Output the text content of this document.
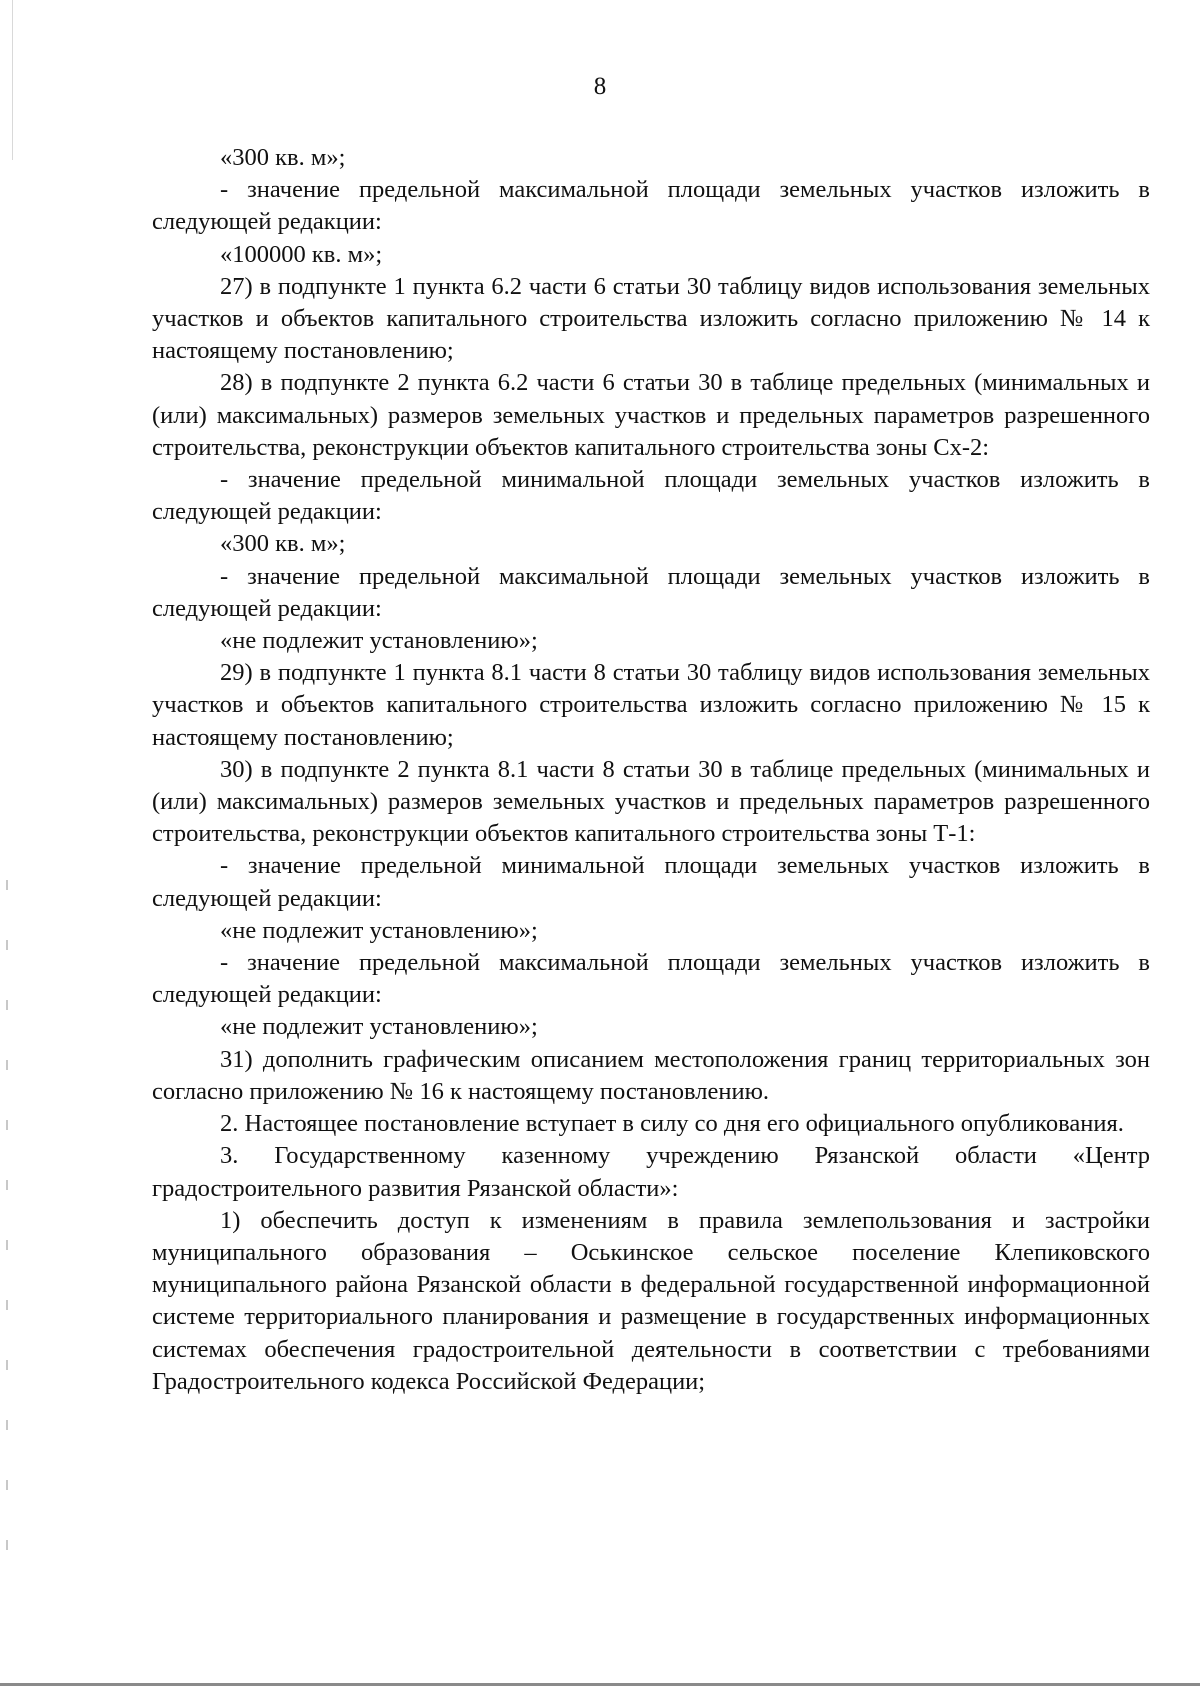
8

«300 кв. м»;

- значение предельной максимальной площади земельных участков изложить в следующей редакции:

«100000 кв. м»;

27) в подпункте 1 пункта 6.2 части 6 статьи 30 таблицу видов использования земельных участков и объектов капитального строительства изложить согласно приложению № 14 к настоящему постановлению;

28) в подпункте 2 пункта 6.2 части 6 статьи 30 в таблице предельных (минимальных и (или) максимальных) размеров земельных участков и предельных параметров разрешенного строительства, реконструкции объектов капитального строительства зоны Сх-2:

- значение предельной минимальной площади земельных участков изложить в следующей редакции:

«300 кв. м»;

- значение предельной максимальной площади земельных участков изложить в следующей редакции:

«не подлежит установлению»;

29) в подпункте 1 пункта 8.1 части 8 статьи 30 таблицу видов использования земельных участков и объектов капитального строительства изложить согласно приложению № 15 к настоящему постановлению;

30) в подпункте 2 пункта 8.1 части 8 статьи 30 в таблице предельных (минимальных и (или) максимальных) размеров земельных участков и предельных параметров разрешенного строительства, реконструкции объектов капитального строительства зоны Т-1:

- значение предельной минимальной площади земельных участков изложить в следующей редакции:

«не подлежит установлению»;

- значение предельной максимальной площади земельных участков изложить в следующей редакции:

«не подлежит установлению»;

31) дополнить графическим описанием местоположения границ территориальных зон согласно приложению № 16 к настоящему постановлению.

2. Настоящее постановление вступает в силу со дня его официального опубликования.

3. Государственному казенному учреждению Рязанской области «Центр градостроительного развития Рязанской области»:

1) обеспечить доступ к изменениям в правила землепользования и застройки муниципального образования – Оськинское сельское поселение Клепиковского муниципального района Рязанской области в федеральной государственной информационной системе территориального планирования и размещение в государственных информационных системах обеспечения градостроительной деятельности в соответствии с требованиями Градостроительного кодекса Российской Федерации;
